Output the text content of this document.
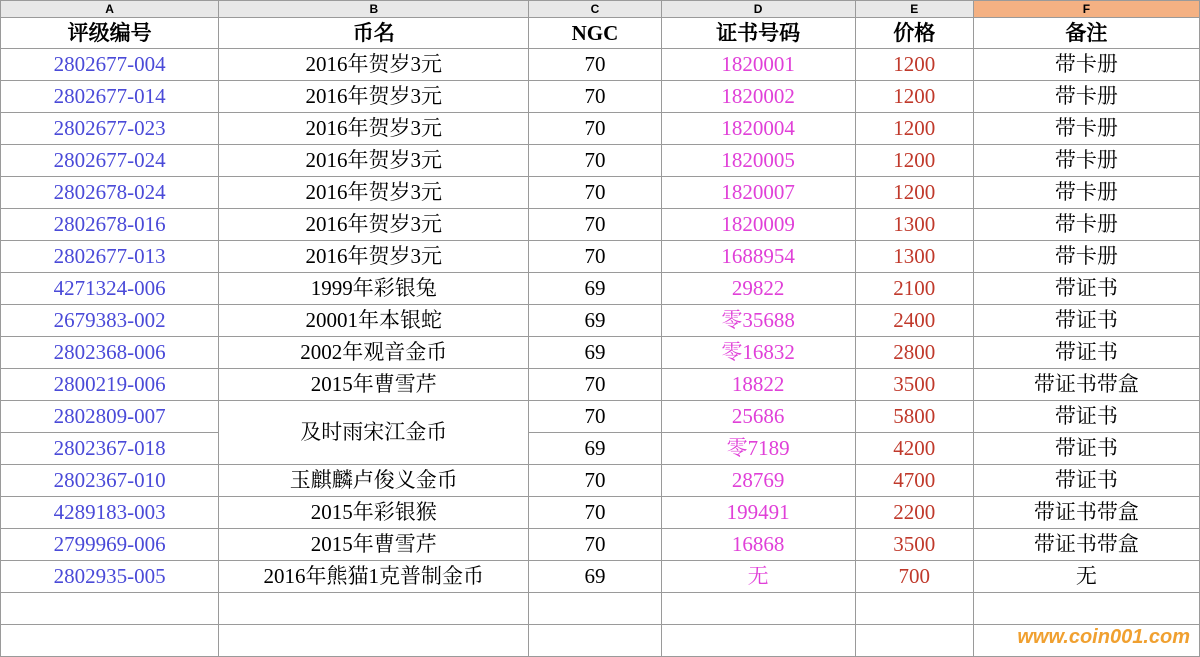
A	B	C	D	E	F
评级编号	币名	NGC	证书号码	价格	备注
2802677-004	2016年贺岁3元	70	1820001	1200	带卡册
2802677-014	2016年贺岁3元	70	1820002	1200	带卡册
2802677-023	2016年贺岁3元	70	1820004	1200	带卡册
2802677-024	2016年贺岁3元	70	1820005	1200	带卡册
2802678-024	2016年贺岁3元	70	1820007	1200	带卡册
2802678-016	2016年贺岁3元	70	1820009	1300	带卡册
2802677-013	2016年贺岁3元	70	1688954	1300	带卡册
4271324-006	1999年彩银兔	69	29822	2100	带证书
2679383-002	20001年本银蛇	69	零35688	2400	带证书
2802368-006	2002年观音金币	69	零16832	2800	带证书
2800219-006	2015年曹雪芹	70	18822	3500	带证书带盒
2802809-007	及时雨宋江金币	70	25686	5800	带证书
2802367-018		69	零7189	4200	带证书
2802367-010	玉麒麟卢俊义金币	70	28769	4700	带证书
4289183-003	2015年彩银猴	70	199491	2200	带证书带盒
2799969-006	2015年曹雪芹	70	16868	3500	带证书带盒
2802935-005	2016年熊猫1克普制金币	69	无	700	无

www.coin001.com
